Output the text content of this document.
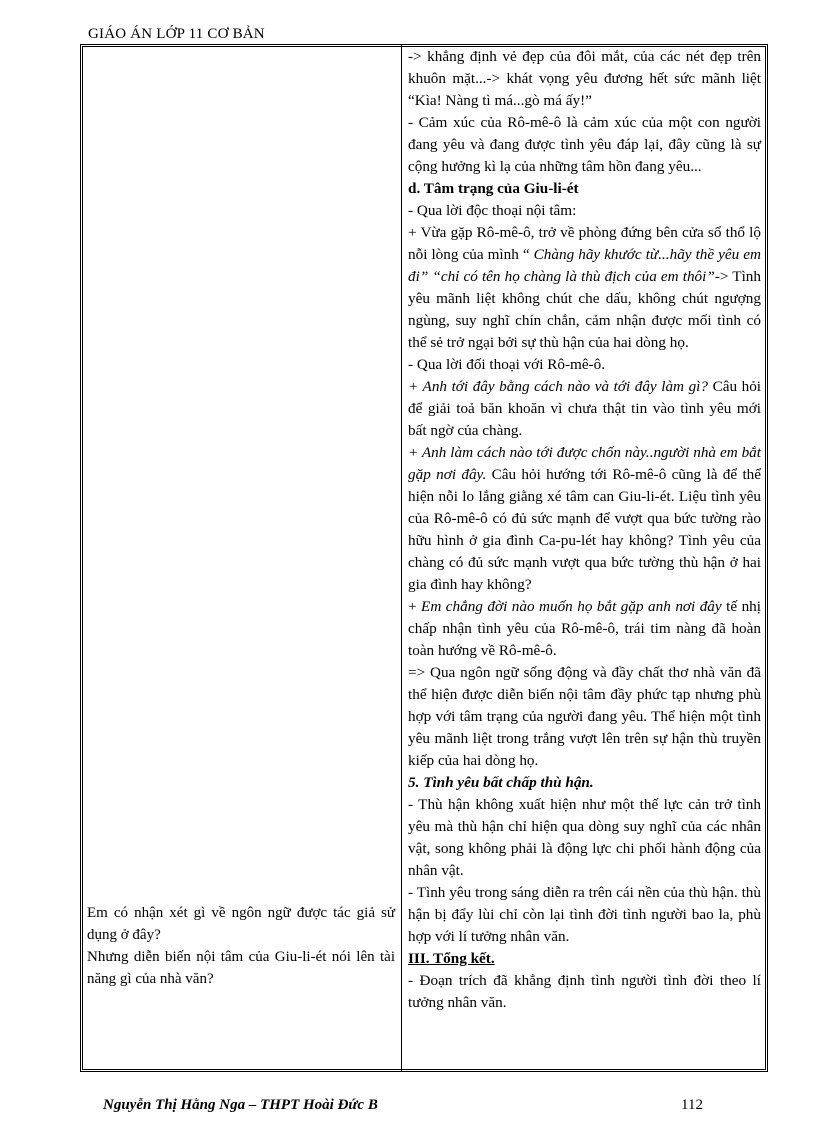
GIÁO ÁN LỚP 11 CƠ BẢN

Em có nhận xét gì về ngôn ngữ được tác giả sử dụng ở đây?

Nhưng diễn biến nội tâm của Giu-li-ét nói lên tài năng gì của nhà văn?

-> khẳng định vẻ đẹp của đôi mắt, của các nét đẹp trên khuôn mặt...-> khát vọng yêu đương hết sức mãnh liệt “Kìa! Nàng tì má...gò má ấy!”

- Cảm xúc của Rô-mê-ô là cảm xúc của một con người đang yêu và đang được tình yêu đáp lại, đây cũng là sự cộng hưởng kì lạ của những tâm hồn đang yêu...

d. Tâm trạng của Giu-li-ét

- Qua lời độc thoại nội tâm:

+ Vừa gặp Rô-mê-ô, trở về phòng đứng bên cửa sổ thổ lộ nỗi lòng của mình “ Chàng hãy khước từ...hãy thề yêu em đi” “chỉ có tên họ chàng là thù địch của em thôi”-> Tình yêu mãnh liệt không chút che dấu, không chút ngượng ngùng, suy nghĩ chín chắn, cảm nhận được mối tình có thể sẻ trở ngại bởi sự thù hận của hai dòng họ.

- Qua lời đối thoại với Rô-mê-ô.

+ Anh tới đây bằng cách nào và tới đây làm gì? Câu hỏi để giải toả băn khoăn vì chưa thật tin vào tình yêu mới bất ngờ của chàng.

+ Anh làm cách nào tới được chốn này..người nhà em bắt gặp nơi đây. Câu hỏi hướng tới Rô-mê-ô cũng là để thể hiện nỗi lo lắng giằng xé tâm can Giu-li-ét. Liệu tình yêu của Rô-mê-ô có đủ sức mạnh để vượt qua bức tường rào hữu hình ở gia đình Ca-pu-lét hay không? Tình yêu của chàng có đủ sức mạnh vượt qua bức tường thù hận ở hai gia đình hay không?

+ Em chẳng đời nào muốn họ bắt gặp anh nơi đây tế nhị chấp nhận tình yêu của Rô-mê-ô, trái tim nàng đã hoàn toàn hướng về Rô-mê-ô.

=> Qua ngôn ngữ sống động và đầy chất thơ nhà văn đã thể hiện được diễn biến nội tâm đầy phức tạp nhưng phù hợp với tâm trạng của người đang yêu. Thể hiện một tình yêu mãnh liệt trong trắng vượt lên trên sự hận thù truyền kiếp của hai dòng họ.

5. Tình yêu bất chấp thù hận.

- Thù hận không xuất hiện như một thế lực cản trở tình yêu mà thù hận chỉ hiện qua dòng suy nghĩ của các nhân vật, song không phải là động lực chi phối hành động của nhân vật.

- Tình yêu trong sáng diễn ra trên cái nền của thù hận. thù hận bị đẩy lùi chỉ còn lại tình đời tình người bao la, phù hợp với lí tưởng nhân văn.

III. Tổng kết.

- Đoạn trích đã khẳng định tình người tình đời theo lí tưởng nhân văn.

Nguyễn Thị Hằng Nga – THPT Hoài Đức B	112
